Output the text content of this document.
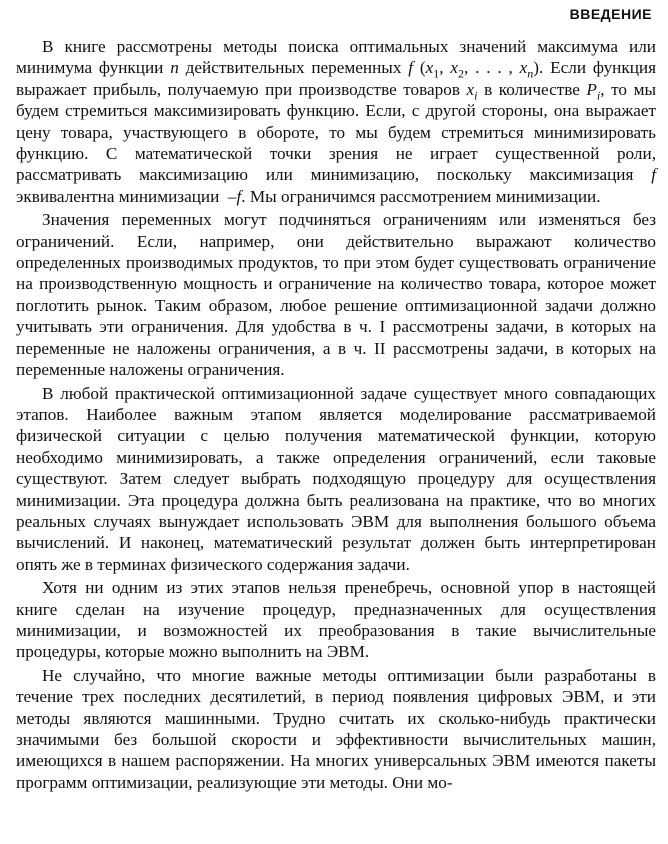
ВВЕДЕНИЕ

В книге рассмотрены методы поиска оптимальных значений максимума или минимума функции n действительных переменных f ($x_1$, $x_2$, . . . , $x_n$). Если функция выражает прибыль, получаемую при производстве товаров $x_i$ в количестве $P_i$, то мы будем стремиться максимизировать функцию. Если, с другой стороны, она выражает цену товара, участвующего в обороте, то мы будем стремиться минимизировать функцию. С математической точки зрения не играет существенной роли, рассматривать максимизацию или минимизацию, поскольку максимизация f эквивалентна минимизации  –f. Мы ограничимся рассмотрением минимизации.

Значения переменных могут подчиняться ограничениям или изменяться без ограничений. Если, например, они действительно выражают количество определенных производимых продуктов, то при этом будет существовать ограничение на производственную мощность и ограничение на количество товара, которое может поглотить рынок. Таким образом, любое решение оптимизационной задачи должно учитывать эти ограничения. Для удобства в ч. I рассмотрены задачи, в которых на переменные не наложены ограничения, а в ч. II рассмотрены задачи, в которых на переменные наложены ограничения.

В любой практической оптимизационной задаче существует много совпадающих этапов. Наиболее важным этапом является моделирование рассматриваемой физической ситуации с целью получения математической функции, которую необходимо минимизировать, а также определения ограничений, если таковые существуют. Затем следует выбрать подходящую процедуру для осуществления минимизации. Эта процедура должна быть реализована на практике, что во многих реальных случаях вынуждает использовать ЭВМ для выполнения большого объема вычислений. И наконец, математический результат должен быть интерпретирован опять же в терминах физического содержания задачи.

Хотя ни одним из этих этапов нельзя пренебречь, основной упор в настоящей книге сделан на изучение процедур, предназначенных для осуществления минимизации, и возможностей их преобразования в такие вычислительные процедуры, которые можно выполнить на ЭВМ.

Не случайно, что многие важные методы оптимизации были разработаны в течение трех последних десятилетий, в период появления цифровых ЭВМ, и эти методы являются машинными. Трудно считать их сколько-нибудь практически значимыми без большой скорости и эффективности вычислительных машин, имеющихся в нашем распоряжении. На многих универсальных ЭВМ имеются пакеты программ оптимизации, реализующие эти методы. Они мо-
